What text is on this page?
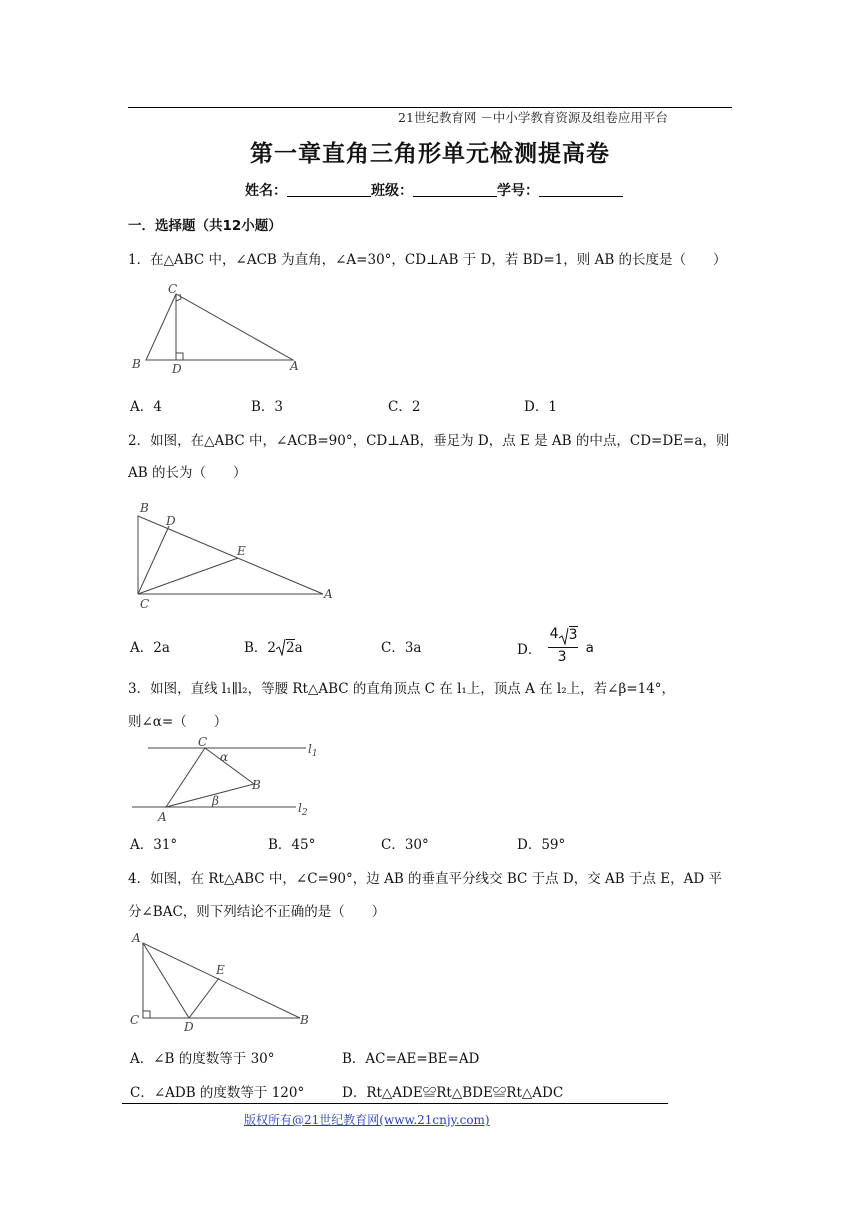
21世纪教育网 －中小学教育资源及组卷应用平台
第一章直角三角形单元检测提高卷
姓名：	班级：	学号：
一．选择题（共12小题）
1．在△ABC 中，∠ACB 为直角，∠A=30°，CD⊥AB 于 D，若 BD=1，则 AB 的长度是（　　）
C
B	D	A
A．4	B．3	C．2	D．1
2．如图，在△ABC 中，∠ACB=90°，CD⊥AB，垂足为 D，点 E 是 AB 的中点，CD=DE=a，则
AB 的长为（　　）
B
D
E
C
A
A．2a	B．2 2a	C．3a	D．
4 3
3
a
3．如图，直线 l₁∥l₂，等腰 Rt△ABC 的直角顶点 C 在 l₁上，顶点 A 在 l₂上，若∠β=14°，
则∠α=（　　）
C
α
B
β
A
$l_1$
$l_2$
A．31°	B．45°	C．30°	D．59°
4．如图，在 Rt△ABC 中，∠C=90°，边 AB 的垂直平分线交 BC 于点 D，交 AB 于点 E，AD 平
分∠BAC，则下列结论不正确的是（　　）
A
E
C	D	B
A．∠B 的度数等于 30°	B．AC=AE=BE=AD
C．∠ADB 的度数等于 120°	D．Rt△ADE≌Rt△BDE≌Rt△ADC
版权所有@21世纪教育网(www.21cnjy.com)
